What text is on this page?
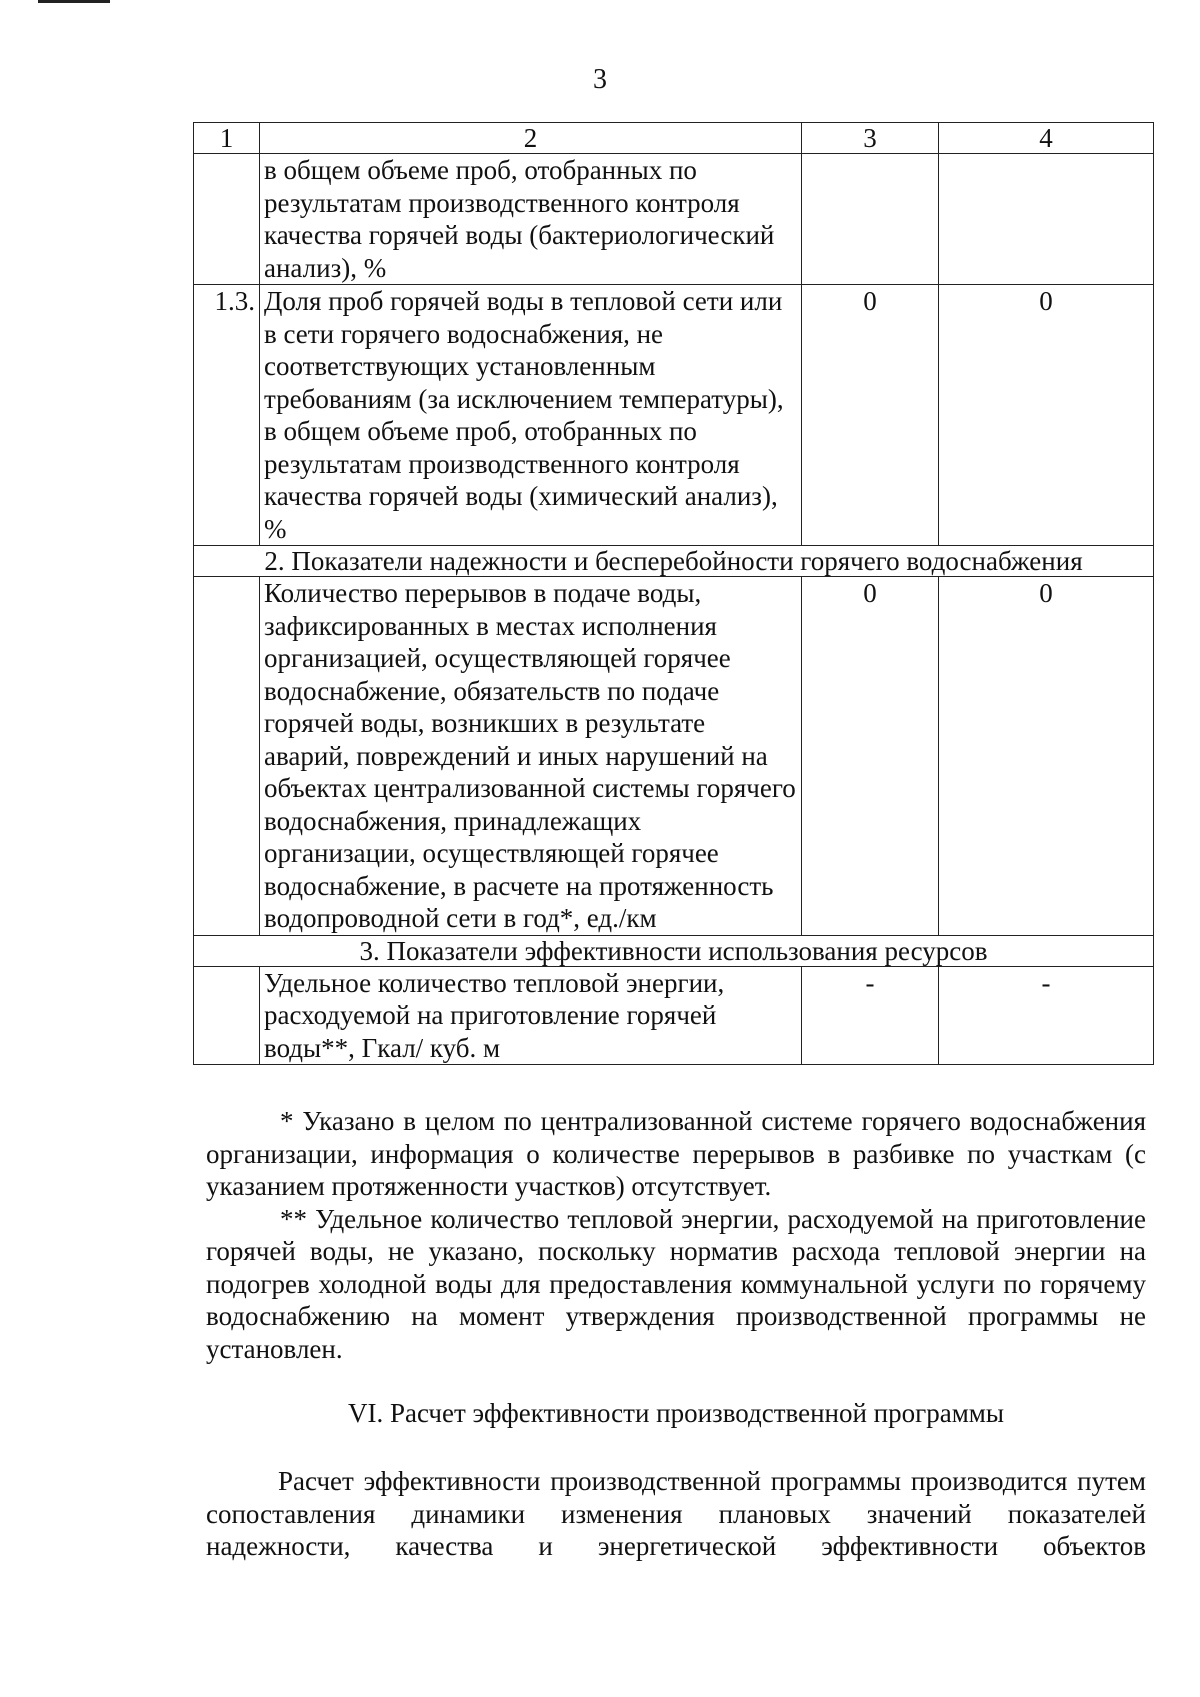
3
1	2	3	4
	в общем объеме проб, отобранных по результатам производственного контроля качества горячей воды (бактериологический анализ), %		
1.3.	Доля проб горячей воды в тепловой сети или в сети горячего водоснабжения, не соответствующих установленным требованиям (за исключением температуры), в общем объеме проб, отобранных по результатам производственного контроля качества горячей воды (химический анализ), %	0	0
2. Показатели надежности и бесперебойности горячего водоснабжения			
	Количество перерывов в подаче воды, зафиксированных в местах исполнения организацией, осуществляющей горячее водоснабжение, обязательств по подаче горячей воды, возникших в результате аварий, повреждений и иных нарушений на объектах централизованной системы горячего водоснабжения, принадлежащих организации, осуществляющей горячее водоснабжение, в расчете на протяженность водопроводной сети в год*, ед./км	0	0
3. Показатели эффективности использования ресурсов			
	Удельное количество тепловой энергии, расходуемой на приготовление горячей воды**, Гкал/ куб. м	-	-

* Указано в целом по централизованной системе горячего водоснабжения организации, информация о количестве перерывов в разбивке по участкам (с указанием протяженности участков) отсутствует.

** Удельное количество тепловой энергии, расходуемой на приготовление горячей воды, не указано, поскольку норматив расхода тепловой энергии на подогрев холодной воды для предоставления коммунальной услуги по горячему водоснабжению на момент утверждения производственной программы не установлен.

VI. Расчет эффективности производственной программы

Расчет эффективности производственной программы производится путем сопоставления динамики изменения плановых значений показателей надежности, качества и энергетической эффективности объектов
